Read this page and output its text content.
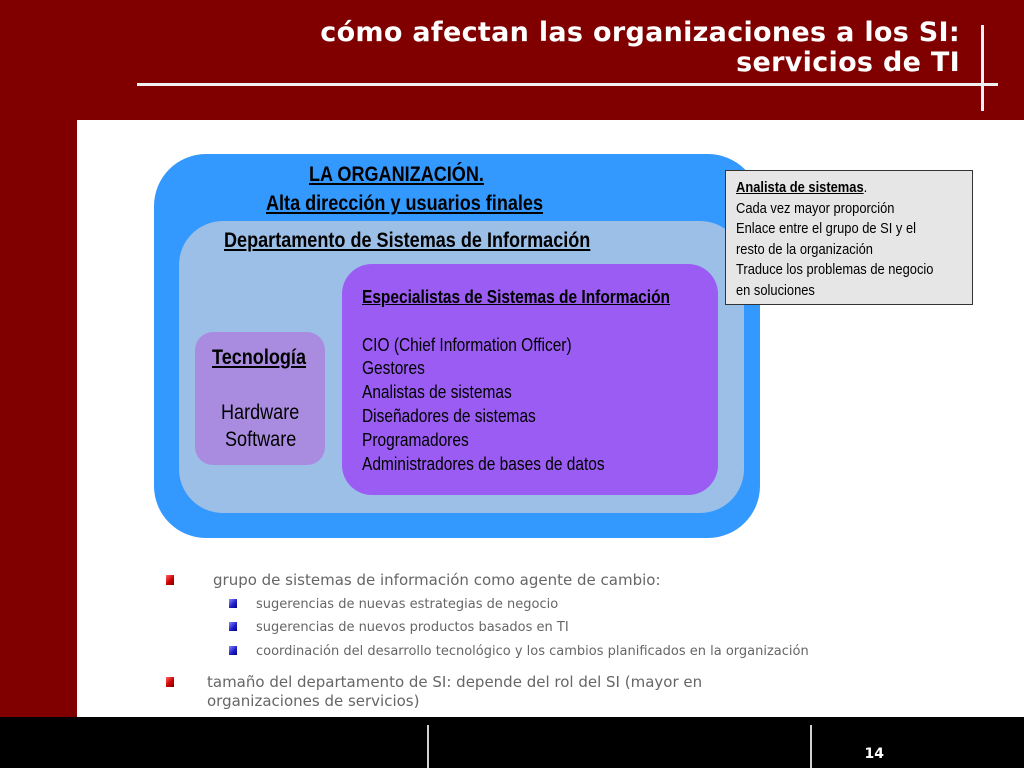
cómo afectan las organizaciones a los SI:
servicios de TI
LA ORGANIZACIÓN.
Alta dirección y usuarios finales
Departamento de Sistemas de Información
Tecnología
Hardware
Software
Especialistas de Sistemas de Información
CIO (Chief Information Officer)
Gestores
Analistas de sistemas
Diseñadores de sistemas
Programadores
Administradores de bases de datos
Analista de sistemas.
Cada vez mayor proporción
Enlace entre el grupo de SI y el
resto de la organización
Traduce los problemas de negocio
en soluciones
grupo de sistemas de información como agente de cambio:
sugerencias de nuevas estrategias de negocio
sugerencias de nuevos productos basados en TI
coordinación del desarrollo tecnológico y los cambios planificados en la organización
tamaño del departamento de SI: depende del rol del SI (mayor en
organizaciones de servicios)
14
